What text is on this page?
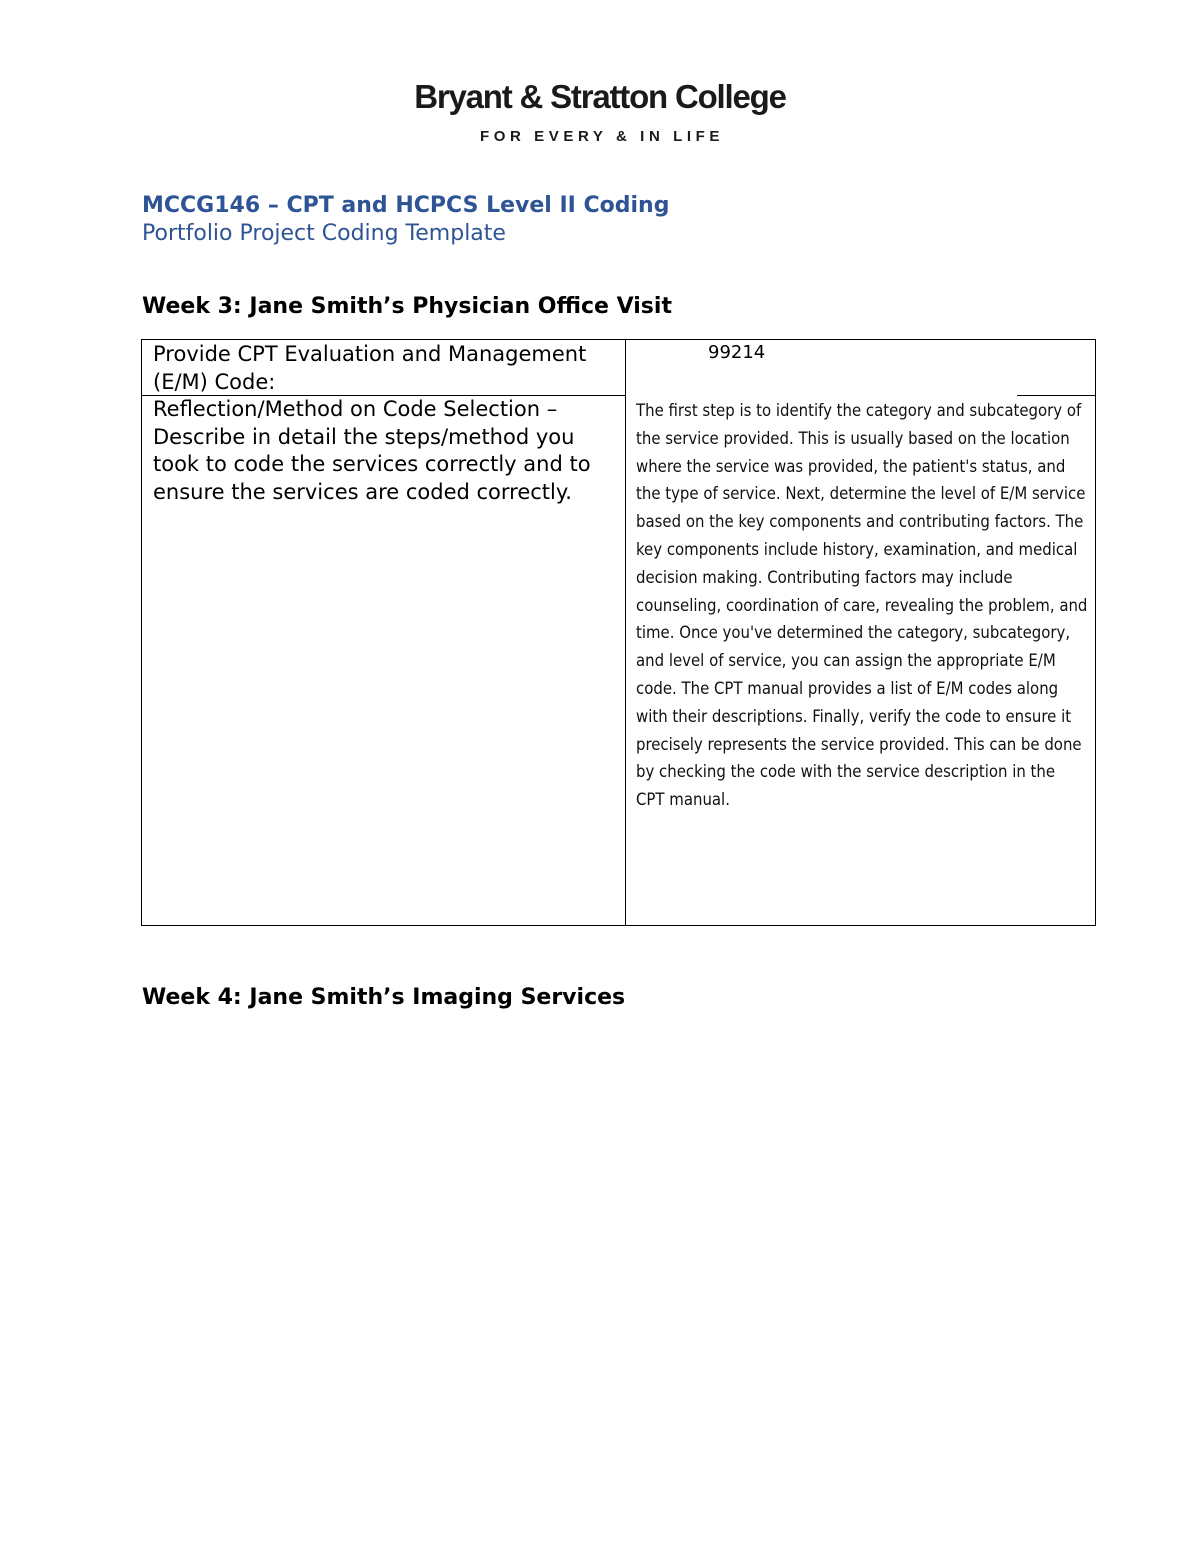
Bryant & Stratton College
FOR EVERY & IN LIFE
MCCG146 – CPT and HCPCS Level II Coding
Portfolio Project Coding Template
Week 3: Jane Smith’s Physician Office Visit
Provide CPT Evaluation and Management (E/M) Code:
99214
Reflection/Method on Code Selection – Describe in detail the steps/method you took to code the services correctly and to ensure the services are coded correctly.
The first step is to identify the category and subcategory of the service provided. This is usually based on the location where the service was provided, the patient's status, and the type of service. Next, determine the level of E/M service based on the key components and contributing factors. The key components include history, examination, and medical decision making. Contributing factors may include counseling, coordination of care, revealing the problem, and time. Once you've determined the category, subcategory, and level of service, you can assign the appropriate E/M code. The CPT manual provides a list of E/M codes along with their descriptions. Finally, verify the code to ensure it precisely represents the service provided. This can be done by checking the code with the service description in the CPT manual.
Week 4: Jane Smith’s Imaging Services
